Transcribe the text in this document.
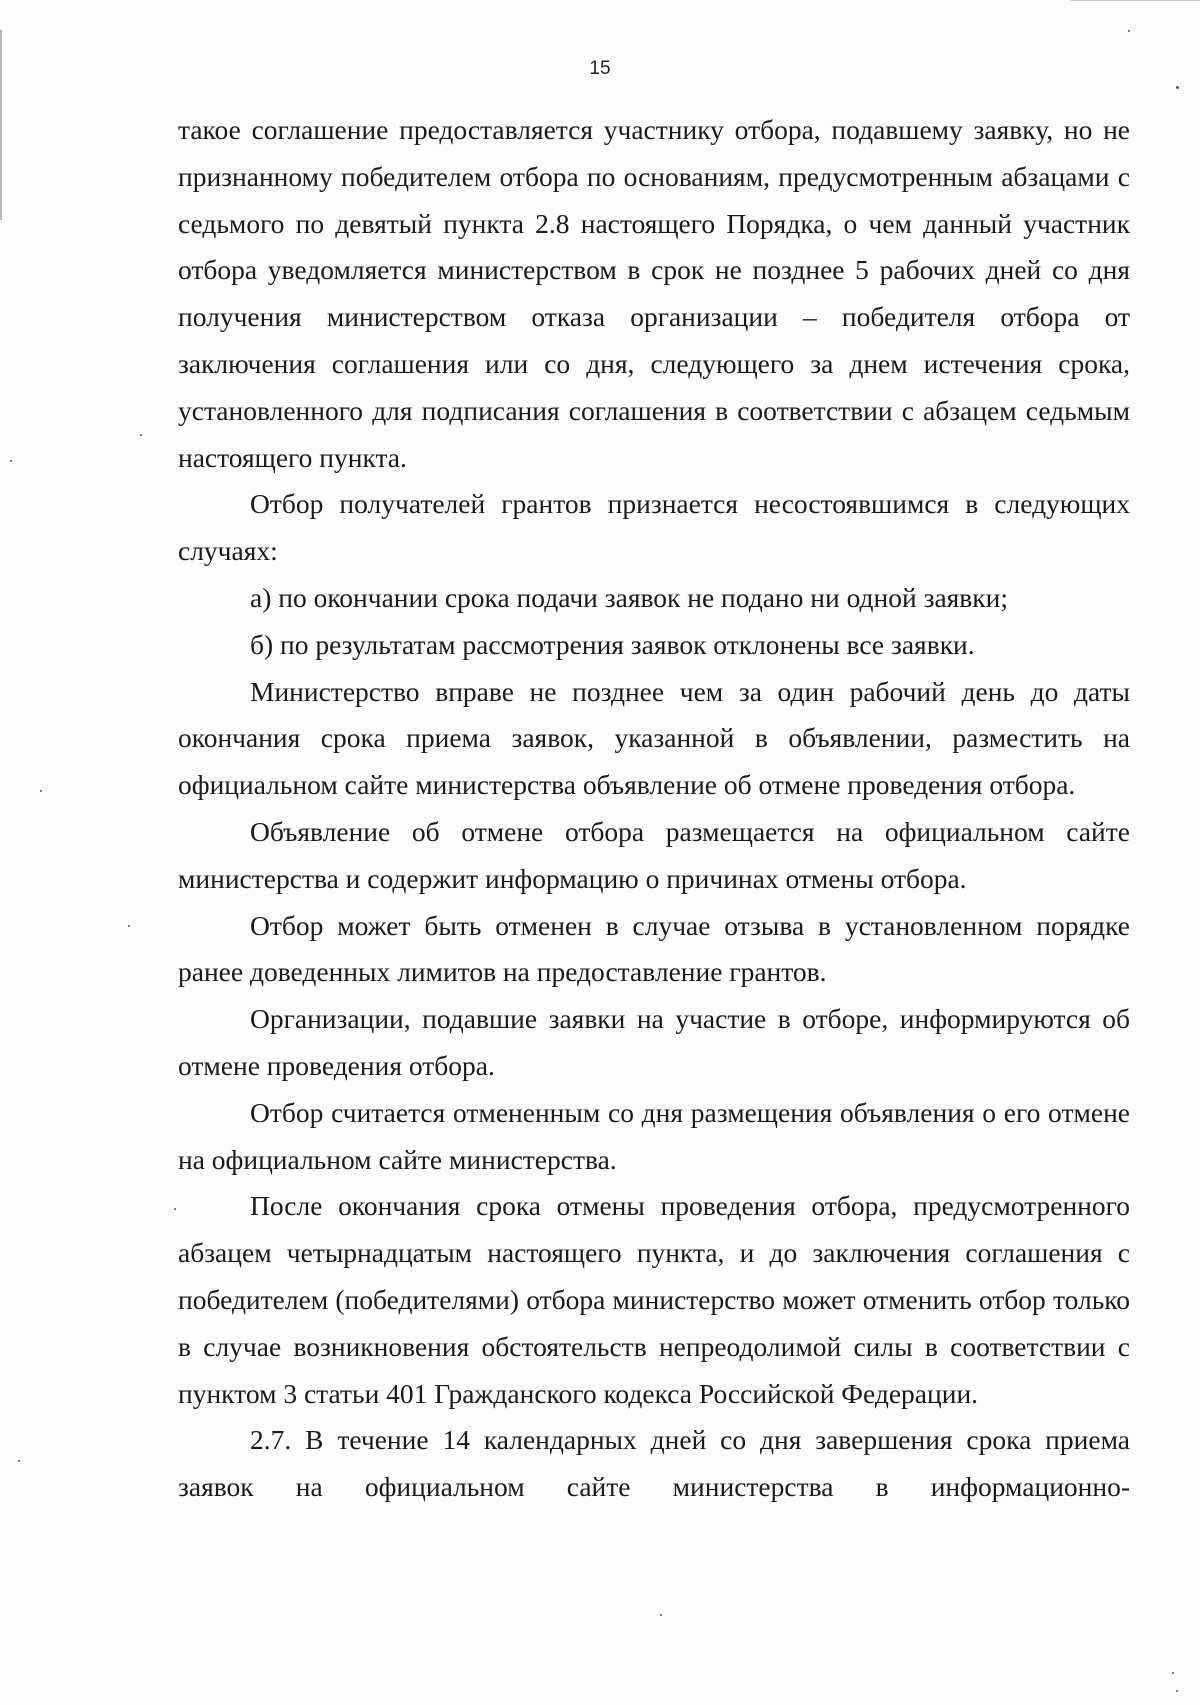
15

такое соглашение предоставляется участнику отбора, подавшему заявку, но не признанному победителем отбора по основаниям, предусмотренным абзацами с седьмого по девятый пункта 2.8 настоящего Порядка, о чем данный участник отбора уведомляется министерством в срок не позднее 5 рабочих дней со дня получения министерством отказа организации – победителя отбора от заключения соглашения или со дня, следующего за днем истечения срока, установленного для подписания соглашения в соответствии с абзацем седьмым настоящего пункта.

Отбор получателей грантов признается несостоявшимся в следующих случаях:

а) по окончании срока подачи заявок не подано ни одной заявки;

б) по результатам рассмотрения заявок отклонены все заявки.

Министерство вправе не позднее чем за один рабочий день до даты окончания срока приема заявок, указанной в объявлении, разместить на официальном сайте министерства объявление об отмене проведения отбора.

Объявление об отмене отбора размещается на официальном сайте министерства и содержит информацию о причинах отмены отбора.

Отбор может быть отменен в случае отзыва в установленном порядке ранее доведенных лимитов на предоставление грантов.

Организации, подавшие заявки на участие в отборе, информируются об отмене проведения отбора.

Отбор считается отмененным со дня размещения объявления о его отмене на официальном сайте министерства.

После окончания срока отмены проведения отбора, предусмотренного абзацем четырнадцатым настоящего пункта, и до заключения соглашения с победителем (победителями) отбора министерство может отменить отбор только в случае возникновения обстоятельств непреодолимой силы в соответствии с пунктом 3 статьи 401 Гражданского кодекса Российской Федерации.

2.7. В течение 14 календарных дней со дня завершения срока приема заявок на официальном сайте министерства в информационно-
